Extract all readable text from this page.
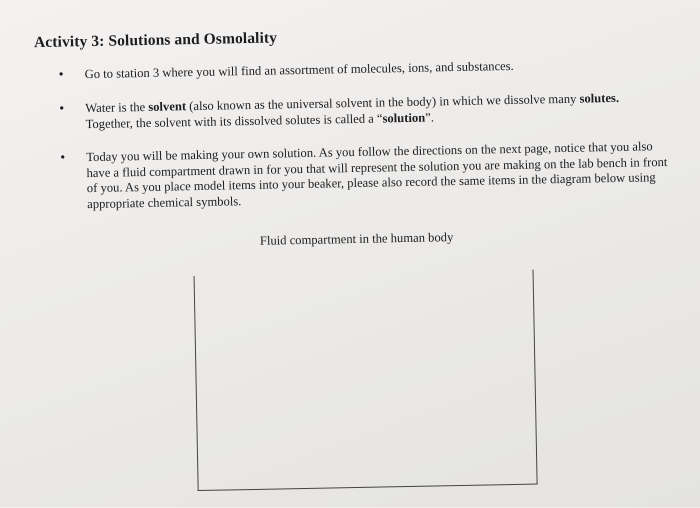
Activity 3: Solutions and Osmolality
•	Go to station 3 where you will find an assortment of molecules, ions, and substances.
•	Water is the solvent (also known as the universal solvent in the body) in which we dissolve many solutes.
Together, the solvent with its dissolved solutes is called a “solution”.
•	Today you will be making your own solution. As you follow the directions on the next page, notice that you also have a fluid compartment drawn in for you that will represent the solution you are making on the lab bench in front of you. As you place model items into your beaker, please also record the same items in the diagram below using appropriate chemical symbols.
Fluid compartment in the human body
